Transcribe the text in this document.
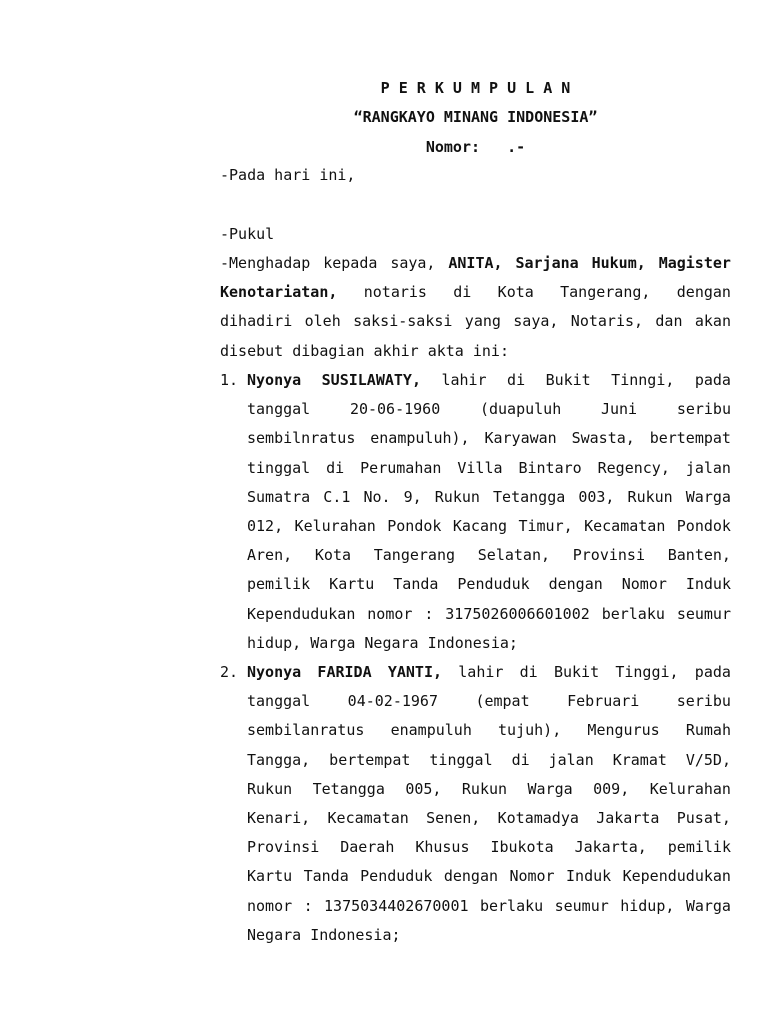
P E R K U M P U L A N
“RANGKAYO MINANG INDONESIA”
Nomor:   .-
-Pada hari ini,
-Pukul
-Menghadap kepada saya, ANITA, Sarjana Hukum, Magister
Kenotariatan, notaris di Kota Tangerang, dengan
dihadiri oleh saksi-saksi yang saya, Notaris, dan akan
disebut dibagian akhir akta ini:
1. Nyonya SUSILAWATY, lahir di Bukit Tinngi, pada
tanggal	20-06-1960	(duapuluh	Juni	seribu
sembilnratus enampuluh), Karyawan Swasta, bertempat
tinggal di Perumahan Villa Bintaro Regency, jalan
Sumatra C.1 No. 9, Rukun Tetangga 003, Rukun Warga
012, Kelurahan Pondok Kacang Timur, Kecamatan Pondok
Aren, Kota Tangerang Selatan, Provinsi Banten,
pemilik Kartu Tanda Penduduk dengan Nomor Induk
Kependudukan nomor : 3175026006601002 berlaku seumur
hidup, Warga Negara Indonesia;
2. Nyonya FARIDA YANTI, lahir di Bukit Tinggi, pada
tanggal 04-02-1967 (empat Februari seribu
sembilanratus enampuluh tujuh), Mengurus Rumah
Tangga, bertempat tinggal di jalan Kramat V/5D,
Rukun Tetangga 005, Rukun Warga 009, Kelurahan
Kenari, Kecamatan Senen, Kotamadya Jakarta Pusat,
Provinsi Daerah Khusus Ibukota Jakarta, pemilik
Kartu Tanda Penduduk dengan Nomor Induk Kependudukan
nomor : 1375034402670001 berlaku seumur hidup, Warga
Negara Indonesia;
